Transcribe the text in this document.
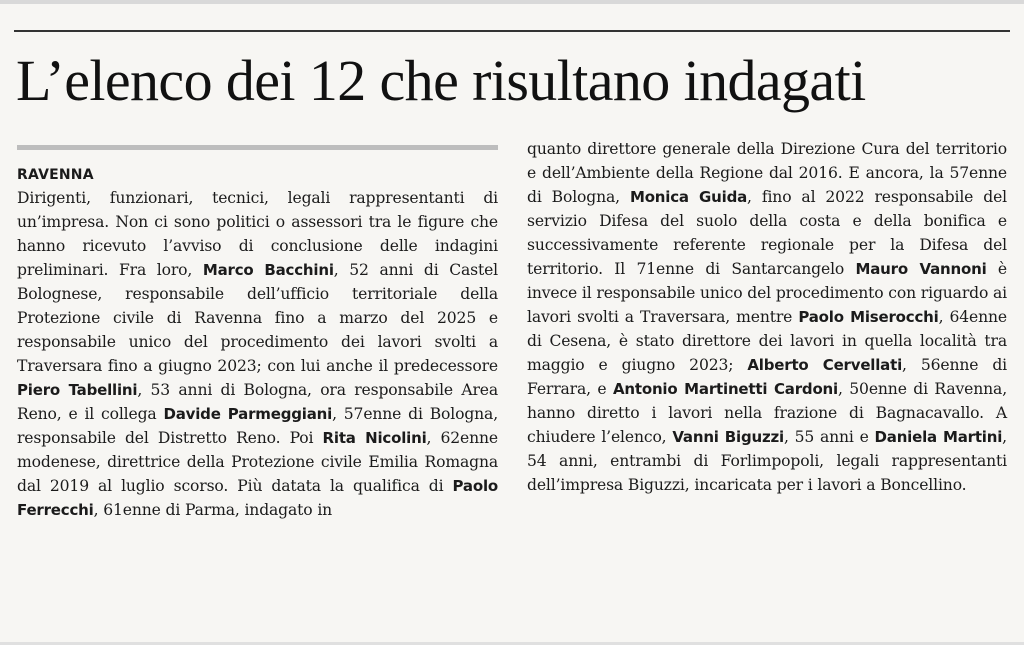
L’elenco dei 12 che risultano indagati
RAVENNA

Dirigenti, funzionari, tecnici, legali rappresentanti di un’impresa. Non ci sono politici o assessori tra le figure che hanno ricevuto l’avviso di conclusione delle indagini preliminari. Fra loro, Marco Bacchini, 52 anni di Castel Bolognese, responsabile dell’ufficio territoriale della Protezione civile di Ravenna fino a marzo del 2025 e responsabile unico del procedimento dei lavori svolti a Traversara fino a giugno 2023; con lui anche il predecessore Piero Tabellini, 53 anni di Bologna, ora responsabile Area Reno, e il collega Davide Parmeggiani, 57enne di Bologna, responsabile del Distretto Reno. Poi Rita Nicolini, 62enne modenese, direttrice della Protezione civile Emilia Romagna dal 2019 al luglio scorso. Più datata la qualifica di Paolo Ferrecchi, 61enne di Parma, indagato in

quanto direttore generale della Direzione Cura del territorio e dell’Ambiente della Regione dal 2016. E ancora, la 57enne di Bologna, Monica Guida, fino al 2022 responsabile del servizio Difesa del suolo della costa e della bonifica e successivamente referente regionale per la Difesa del territorio. Il 71enne di Santarcangelo Mauro Vannoni è invece il responsabile unico del procedimento con riguardo ai lavori svolti a Traversara, mentre Paolo Miserocchi, 64enne di Cesena, è stato direttore dei lavori in quella località tra maggio e giugno 2023; Alberto Cervellati, 56enne di Ferrara, e Antonio Martinetti Cardoni, 50enne di Ravenna, hanno diretto i lavori nella frazione di Bagnacavallo. A chiudere l’elenco, Vanni Biguzzi, 55 anni e Daniela Martini, 54 anni, entrambi di Forlimpopoli, legali rappresentanti dell’impresa Biguzzi, incaricata per i lavori a Boncellino.
